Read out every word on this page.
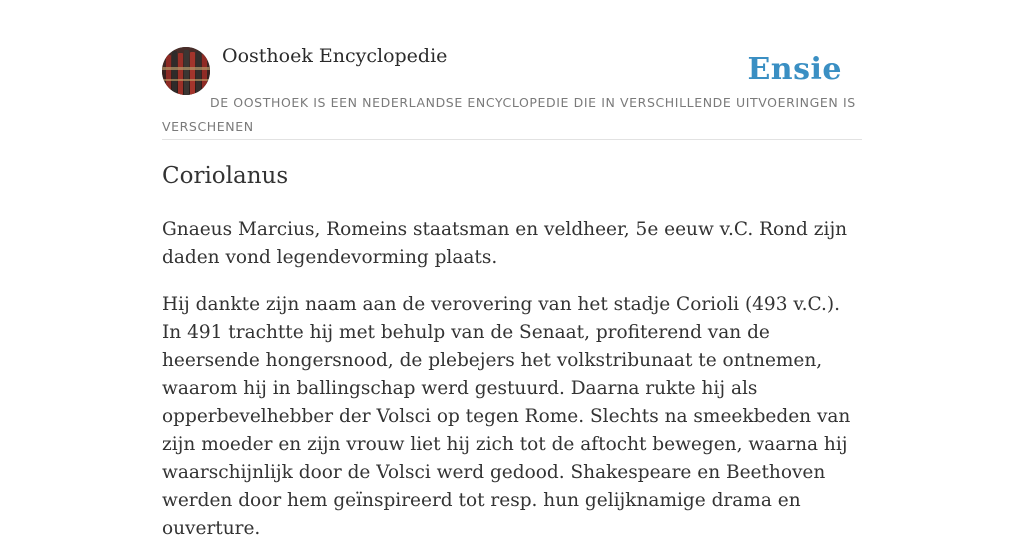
Oosthoek Encyclopedie	Ensie
DE OOSTHOEK IS EEN NEDERLANDSE ENCYCLOPEDIE DIE IN VERSCHILLENDE UITVOERINGEN IS VERSCHENEN
Coriolanus

Gnaeus Marcius, Romeins staatsman en veldheer, 5e eeuw v.C. Rond zijn daden vond legendevorming plaats.

Hij dankte zijn naam aan de verovering van het stadje Corioli (493 v.C.). In 491 trachtte hij met behulp van de Senaat, profiterend van de heersende hongersnood, de plebejers het volkstribunaat te ontnemen, waarom hij in ballingschap werd gestuurd. Daarna rukte hij als opperbevelhebber der Volsci op tegen Rome. Slechts na smeekbeden van zijn moeder en zijn vrouw liet hij zich tot de aftocht bewegen, waarna hij waarschijnlijk door de Volsci werd gedood. Shakespeare en Beethoven werden door hem geïnspireerd tot resp. hun gelijknamige drama en ouverture.
